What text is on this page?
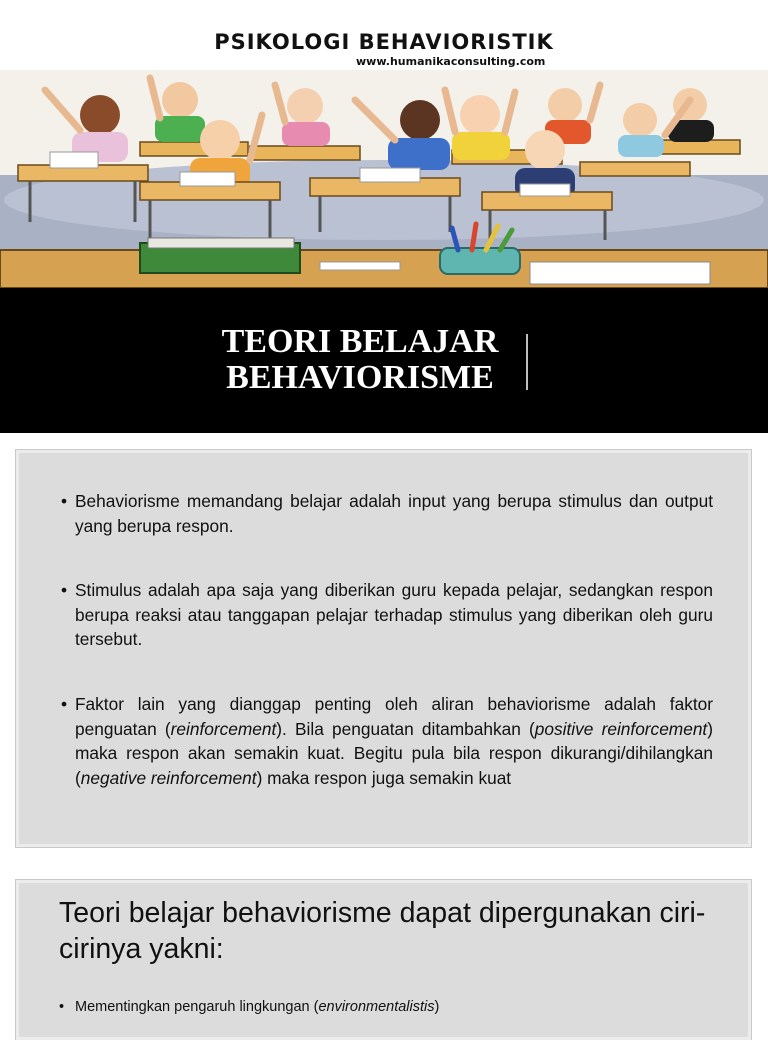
PSIKOLOGI BEHAVIORISTIK
www.humanikaconsulting.com
TEORI BELAJAR
BEHAVIORISME
• Behaviorisme memandang belajar adalah input yang berupa stimulus dan output yang berupa respon.
• Stimulus adalah apa saja yang diberikan guru kepada pelajar, sedangkan respon berupa reaksi atau tanggapan pelajar terhadap stimulus yang diberikan oleh guru tersebut.
• Faktor lain yang dianggap penting oleh aliran behaviorisme adalah faktor penguatan (reinforcement). Bila penguatan ditambahkan (positive reinforcement) maka respon akan semakin kuat. Begitu pula bila respon dikurangi/dihilangkan (negative reinforcement) maka respon juga semakin kuat
Teori belajar behaviorisme dapat dipergunakan ciri-cirinya yakni:
• Mementingkan pengaruh lingkungan (environmentalistis)
